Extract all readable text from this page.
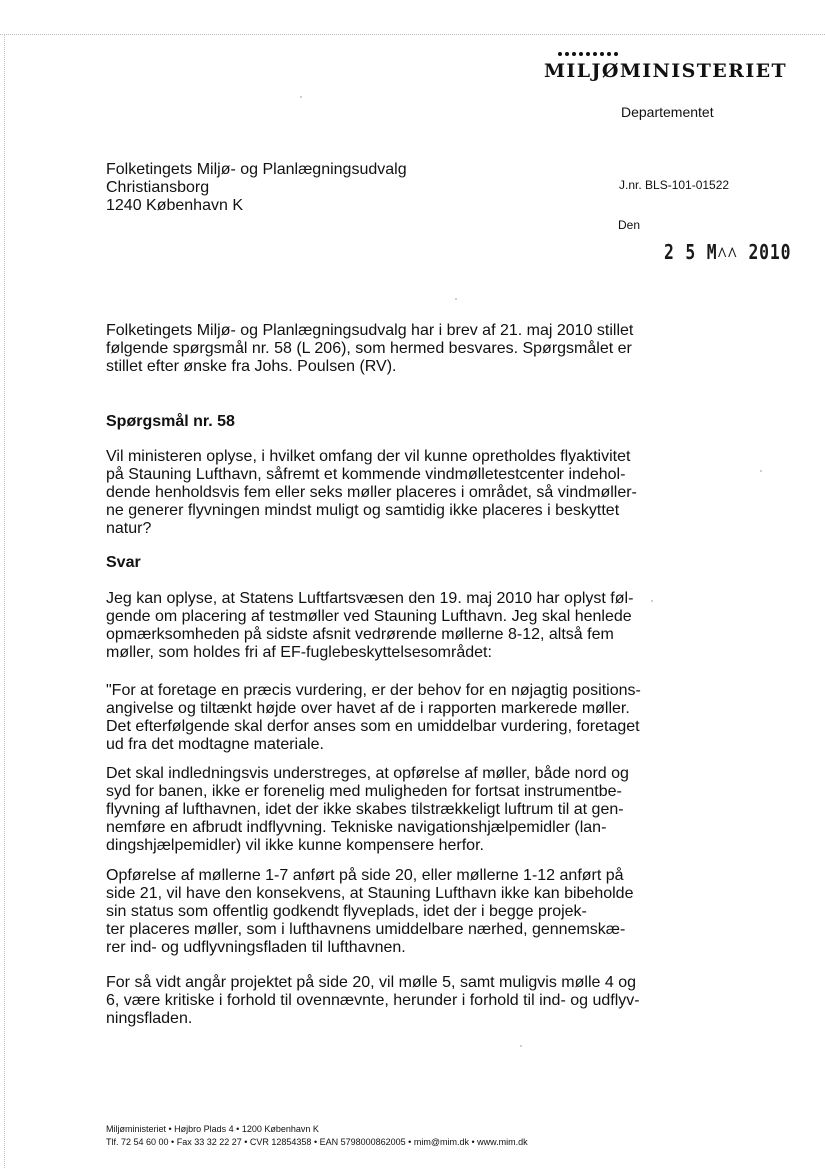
MILJØMINISTERIET
Departementet
Folketingets Miljø- og Planlægningsudvalg
Christiansborg
1240 København K
J.nr. BLS-101-01522
Den
2 5 M˄˄ 2010
Folketingets Miljø- og Planlægningsudvalg har i brev af 21. maj 2010 stillet
følgende spørgsmål nr. 58 (L 206), som hermed besvares. Spørgsmålet er
stillet efter ønske fra Johs. Poulsen (RV).
Spørgsmål nr. 58
Vil ministeren oplyse, i hvilket omfang der vil kunne opretholdes flyaktivitet
på Stauning Lufthavn, såfremt et kommende vindmølletestcenter indehol-
dende henholdsvis fem eller seks møller placeres i området, så vindmøller-
ne generer flyvningen mindst muligt og samtidig ikke placeres i beskyttet
natur?
Svar
Jeg kan oplyse, at Statens Luftfartsvæsen den 19. maj 2010 har oplyst føl-
gende om placering af testmøller ved Stauning Lufthavn. Jeg skal henlede
opmærksomheden på sidste afsnit vedrørende møllerne 8-12, altså fem
møller, som holdes fri af EF-fuglebeskyttelsesområdet:
"For at foretage en præcis vurdering, er der behov for en nøjagtig positions-
angivelse og tiltænkt højde over havet af de i rapporten markerede møller.
Det efterfølgende skal derfor anses som en umiddelbar vurdering, foretaget
ud fra det modtagne materiale.
Det skal indledningsvis understreges, at opførelse af møller, både nord og
syd for banen, ikke er forenelig med muligheden for fortsat instrumentbe-
flyvning af lufthavnen, idet der ikke skabes tilstrækkeligt luftrum til at gen-
nemføre en afbrudt indflyvning. Tekniske navigationshjælpemidler (lan-
dingshjælpemidler) vil ikke kunne kompensere herfor.
Opførelse af møllerne 1-7 anført på side 20, eller møllerne 1-12 anført på
side 21, vil have den konsekvens, at Stauning Lufthavn ikke kan bibeholde
sin status som offentlig godkendt flyveplads, idet der i begge projek-
ter placeres møller, som i lufthavnens umiddelbare nærhed, gennemskæ-
rer ind- og udflyvningsfladen til lufthavnen.
For så vidt angår projektet på side 20, vil mølle 5, samt muligvis mølle 4 og
6, være kritiske i forhold til ovennævnte, herunder i forhold til ind- og udflyv-
ningsfladen.
Miljøministeriet • Højbro Plads 4 • 1200 København K
Tlf. 72 54 60 00 • Fax 33 32 22 27 • CVR 12854358 • EAN 5798000862005 • mim@mim.dk • www.mim.dk
